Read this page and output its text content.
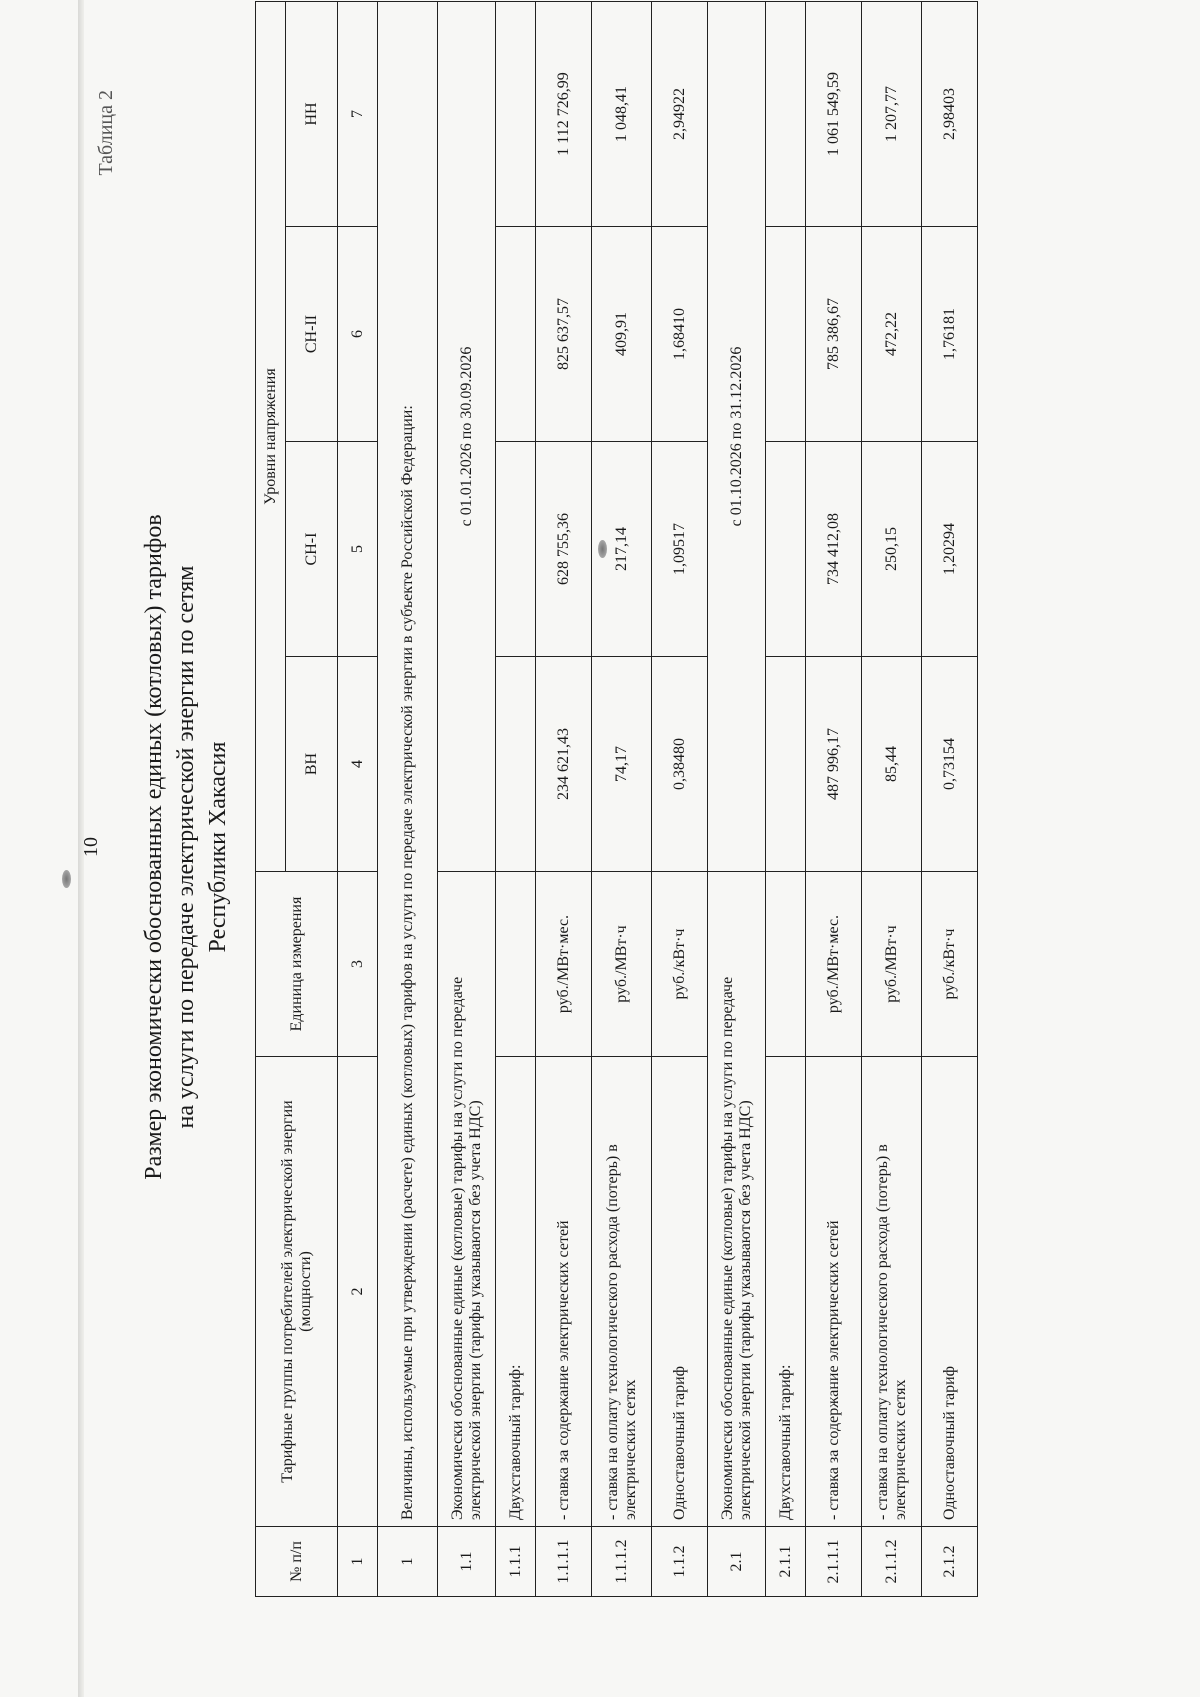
10
Таблица 2
Размер экономически обоснованных единых (котловых) тарифов на услуги по передаче электрической энергии по сетям Республики Хакасия
№ п/п	Тарифные группы потребителей электрической энергии (мощности)	Единица измерения	Уровни напряжения			
			ВН	СН-I	СН-II	НН
1	2	3	4	5	6	7
1	Величины, используемые при утверждении (расчете) единых (котловых) тарифов на услуги по передаче электрической энергии в субъекте Российской Федерации:					
1.1	Экономически обоснованные единые (котловые) тарифы на услуги по передаче электрической энергии (тарифы указываются без учета НДС)		с 01.01.2026 по 30.09.2026			
1.1.1	Двухставочный тариф:					
1.1.1.1	- ставка за содержание электрических сетей	руб./МВт·мес.	234 621,43	628 755,36	825 637,57	1 112 726,99
1.1.1.2	- ставка на оплату технологического расхода (потерь) в электрических сетях	руб./МВт·ч	74,17	217,14	409,91	1 048,41
1.1.2	Одноставочный тариф	руб./кВт·ч	0,38480	1,09517	1,68410	2,94922
2.1	Экономически обоснованные единые (котловые) тарифы на услуги по передаче электрической энергии (тарифы указываются без учета НДС)		с 01.10.2026 по 31.12.2026			
2.1.1	Двухставочный тариф:					
2.1.1.1	- ставка за содержание электрических сетей	руб./МВт·мес.	487 996,17	734 412,08	785 386,67	1 061 549,59
2.1.1.2	- ставка на оплату технологического расхода (потерь) в электрических сетях	руб./МВт·ч	85,44	250,15	472,22	1 207,77
2.1.2	Одноставочный тариф	руб./кВт·ч	0,73154	1,20294	1,76181	2,98403
